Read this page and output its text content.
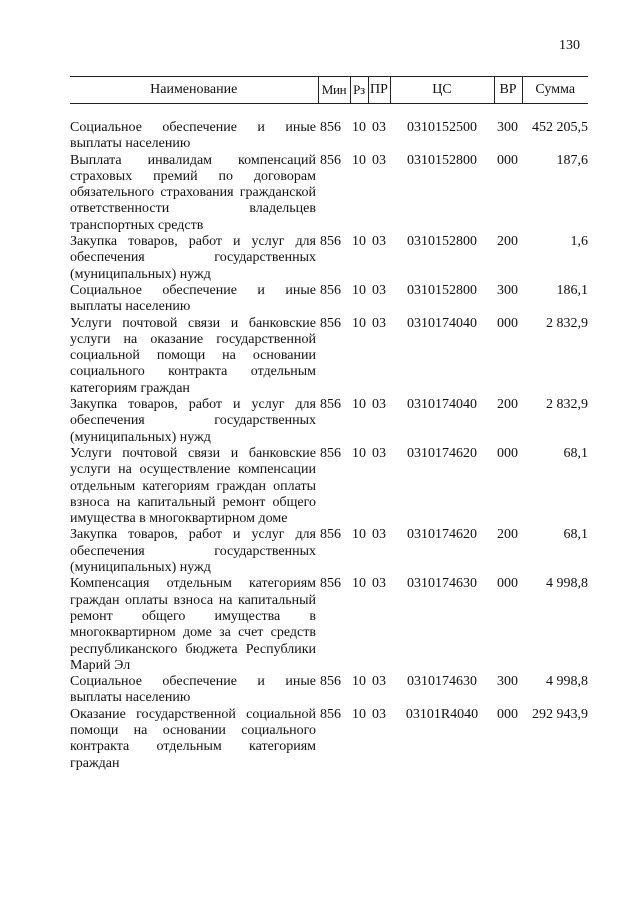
130
Наименование	Мин	Рз	ПР	ЦС	ВР	Сумма

Социальное обеспечение и иные выплаты населению	856	10	03	0310152500	300	452 205,5
Выплата инвалидам компенсаций страховых премий по договорам обязательного страхования гражданской ответственности владельцев транспортных средств	856	10	03	0310152800	000	187,6
Закупка товаров, работ и услуг для обеспечения государственных (муниципальных) нужд	856	10	03	0310152800	200	1,6
Социальное обеспечение и иные выплаты населению	856	10	03	0310152800	300	186,1
Услуги почтовой связи и банковские услуги на оказание государственной социальной помощи на основании социального контракта отдельным категориям граждан	856	10	03	0310174040	000	2 832,9
Закупка товаров, работ и услуг для обеспечения государственных (муниципальных) нужд	856	10	03	0310174040	200	2 832,9
Услуги почтовой связи и банковские услуги на осуществление компенсации отдельным категориям граждан оплаты взноса на капитальный ремонт общего имущества в многоквартирном доме	856	10	03	0310174620	000	68,1
Закупка товаров, работ и услуг для обеспечения государственных (муниципальных) нужд	856	10	03	0310174620	200	68,1
Компенсация отдельным категориям граждан оплаты взноса на капитальный ремонт общего имущества в многоквартирном доме за счет средств республиканского бюджета Республики Марий Эл	856	10	03	0310174630	000	4 998,8
Социальное обеспечение и иные выплаты населению	856	10	03	0310174630	300	4 998,8
Оказание государственной социальной помощи на основании социального контракта отдельным категориям граждан	856	10	03	03101R4040	000	292 943,9
